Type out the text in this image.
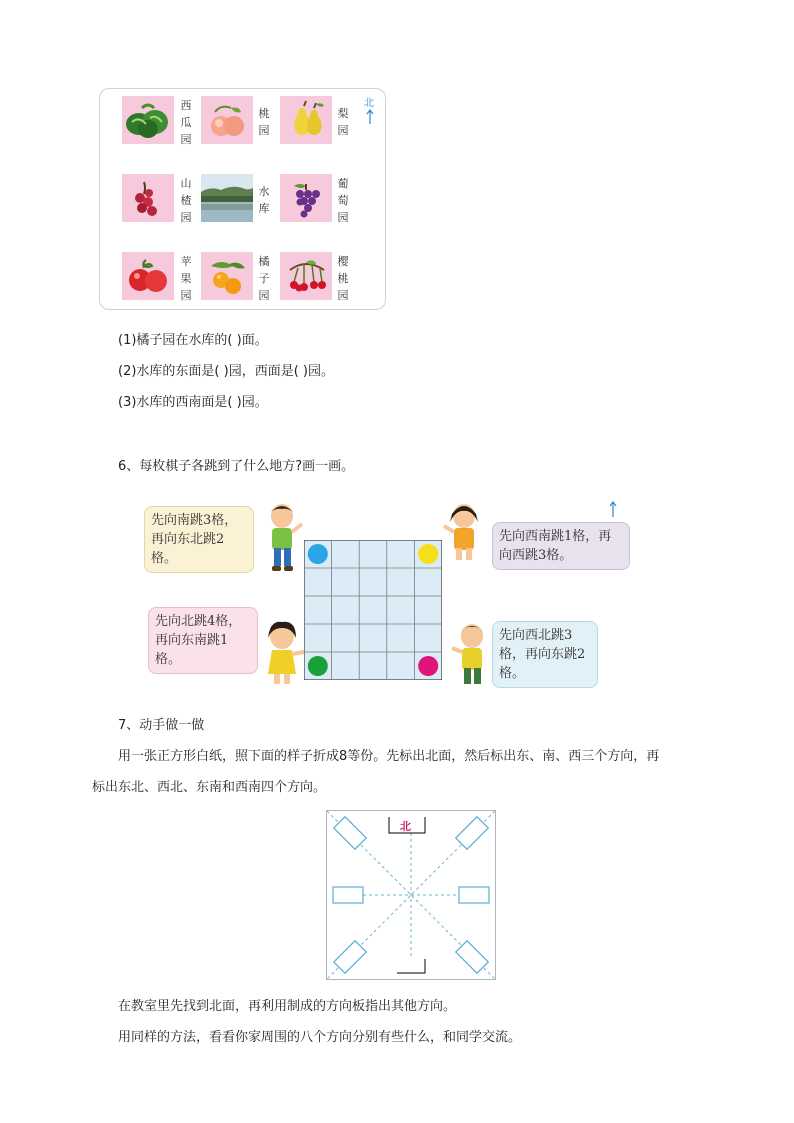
西
瓜
园
桃
园
梨
园
北
山
楂
园
水
库
葡
萄
园
苹
果
园
橘
子
园
樱
桃
园
(1)橘子园在水库的( )面。
(2)水库的东面是( )园，西面是( )园。
(3)水库的西南面是( )园。
6、每枚棋子各跳到了什么地方?画一画。
先向南跳3格，再向东北跳2格。
先向西南跳1格，再向西跳3格。
先向北跳4格，再向东南跳1格。
先向西北跳3格，再向东跳2格。
7、动手做一做
用一张正方形白纸，照下面的样子折成8等份。先标出北面，然后标出东、南、西三个方向，再
标出东北、西北、东南和西南四个方向。
北
在教室里先找到北面，再利用制成的方向板指出其他方向。
用同样的方法，看看你家周围的八个方向分别有些什么，和同学交流。
